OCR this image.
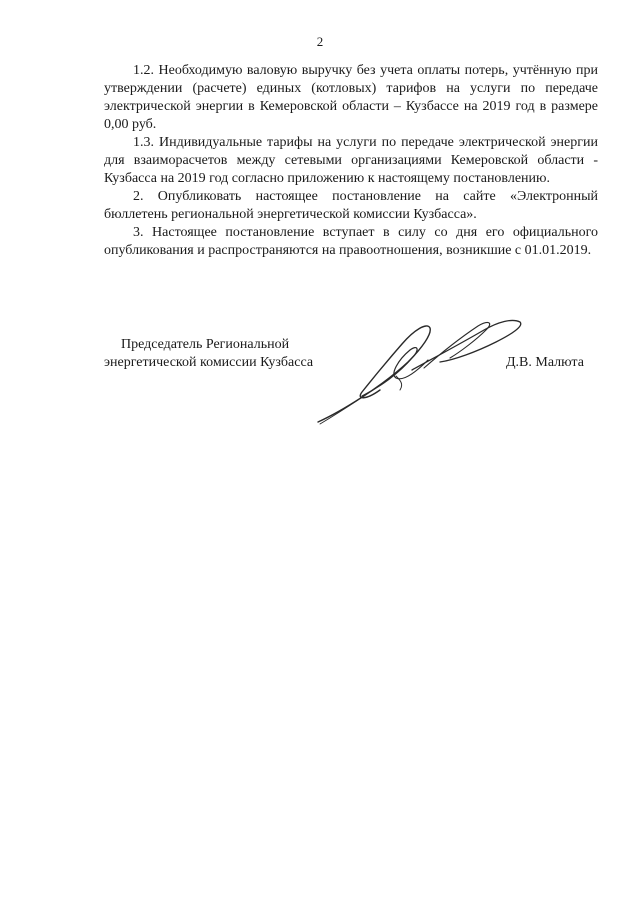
2

1.2. Необходимую валовую выручку без учета оплаты потерь, учтённую при утверждении (расчете) единых (котловых) тарифов на услуги по передаче электрической энергии в Кемеровской области – Кузбассе на 2019 год в размере 0,00 руб.

1.3. Индивидуальные тарифы на услуги по передаче электрической энергии для взаиморасчетов между сетевыми организациями Кемеровской области - Кузбасса на 2019 год согласно приложению к настоящему постановлению.

2. Опубликовать настоящее постановление на сайте «Электронный бюллетень региональной энергетической комиссии Кузбасса».

3. Настоящее постановление вступает в силу со дня его официального опубликования и распространяются на правоотношения, возникшие с 01.01.2019.

Председатель Региональной
энергетической комиссии Кузбасса	Д.В. Малюта
